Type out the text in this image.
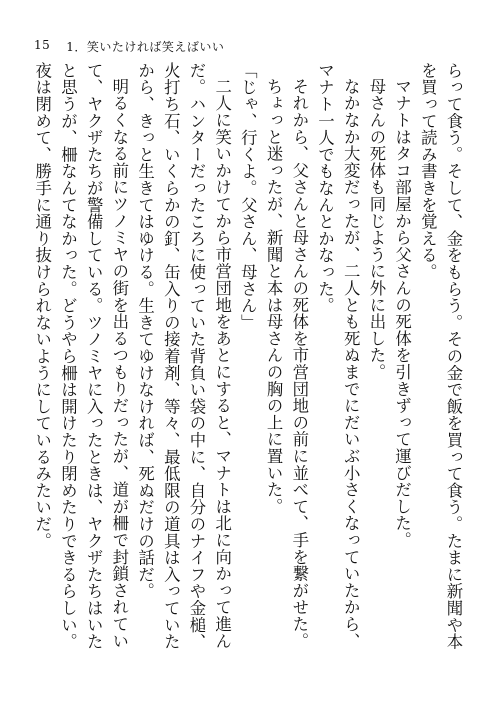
15 1．笑いたければ笑えばいい

らって食う。そして、金をもらう。その金で飯を買って食う。たまに新聞や本を買って読み書きを覚える。

マナトはタコ部屋から父さんの死体を引きずって運びだした。

母さんの死体も同じように外に出した。

なかなか大変だったが、二人とも死ぬまでにだいぶ小さくなっていたから、マナト一人でもなんとかなった。

それから、父さんと母さんの死体を市営団地の前に並べて、手を繋がせた。

ちょっと迷ったが、新聞と本は母さんの胸の上に置いた。

「じゃ、行くよ。父さん、母さん」

二人に笑いかけてから市営団地をあとにすると、マナトは北に向かって進んだ。ハンターだったころに使っていた背負い袋の中に、自分のナイフや金槌、火打ち石、いくらかの釘、缶入りの接着剤、等々、最低限の道具は入っていたから、きっと生きてはゆける。生きてゆけなければ、死ぬだけの話だ。

明るくなる前にツノミヤの街を出るつもりだったが、道が柵で封鎖されていて、ヤクザたちが警備している。ツノミヤに入ったときは、ヤクザたちはいたと思うが、柵なんてなかった。どうやら柵は開けたり閉めたりできるらしい。夜は閉めて、勝手に通り抜けられないようにしているみたいだ。
